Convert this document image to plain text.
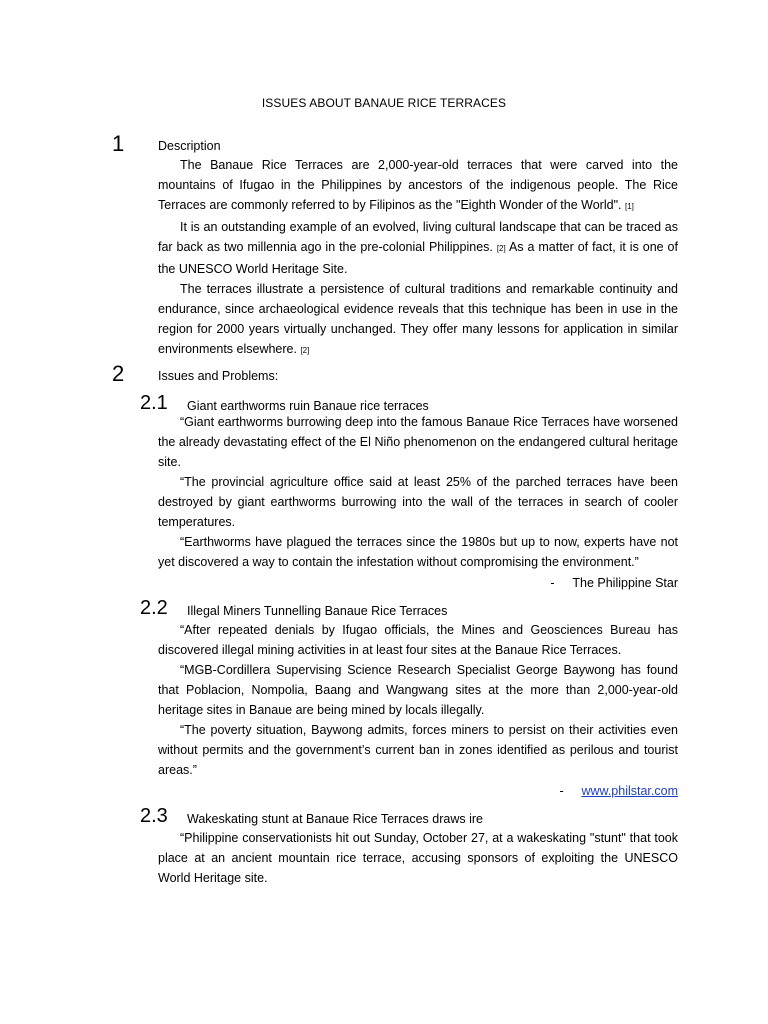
ISSUES ABOUT BANAUE RICE TERRACES
1	Description

The Banaue Rice Terraces are 2,000-year-old terraces that were carved into the mountains of Ifugao in the Philippines by ancestors of the indigenous people. The Rice Terraces are commonly referred to by Filipinos as the "Eighth Wonder of the World". [1]

It is an outstanding example of an evolved, living cultural landscape that can be traced as far back as two millennia ago in the pre-colonial Philippines. [2] As a matter of fact, it is one of the UNESCO World Heritage Site.

The terraces illustrate a persistence of cultural traditions and remarkable continuity and endurance, since archaeological evidence reveals that this technique has been in use in the region for 2000 years virtually unchanged. They offer many lessons for application in similar environments elsewhere. [2]

2	Issues and Problems:
2.1 Giant earthworms ruin Banaue rice terraces

“Giant earthworms burrowing deep into the famous Banaue Rice Terraces have worsened the already devastating effect of the El Niño phenomenon on the endangered cultural heritage site.

“The provincial agriculture office said at least 25% of the parched terraces have been destroyed by giant earthworms burrowing into the wall of the terraces in search of cooler temperatures.

“Earthworms have plagued the terraces since the 1980s but up to now, experts have not yet discovered a way to contain the infestation without compromising the environment.”

- The Philippine Star
2.2 Illegal Miners Tunnelling Banaue Rice Terraces

“After repeated denials by Ifugao officials, the Mines and Geosciences Bureau has discovered illegal mining activities in at least four sites at the Banaue Rice Terraces.

“MGB-Cordillera Supervising Science Research Specialist George Baywong has found that Poblacion, Nompolia, Baang and Wangwang sites at the more than 2,000-year-old heritage sites in Banaue are being mined by locals illegally.

“The poverty situation, Baywong admits, forces miners to persist on their activities even without permits and the government’s current ban in zones identified as perilous and tourist areas.”

- www.philstar.com
2.3 Wakeskating stunt at Banaue Rice Terraces draws ire

“Philippine conservationists hit out Sunday, October 27, at a wakeskating "stunt" that took place at an ancient mountain rice terrace, accusing sponsors of exploiting the UNESCO World Heritage site.
